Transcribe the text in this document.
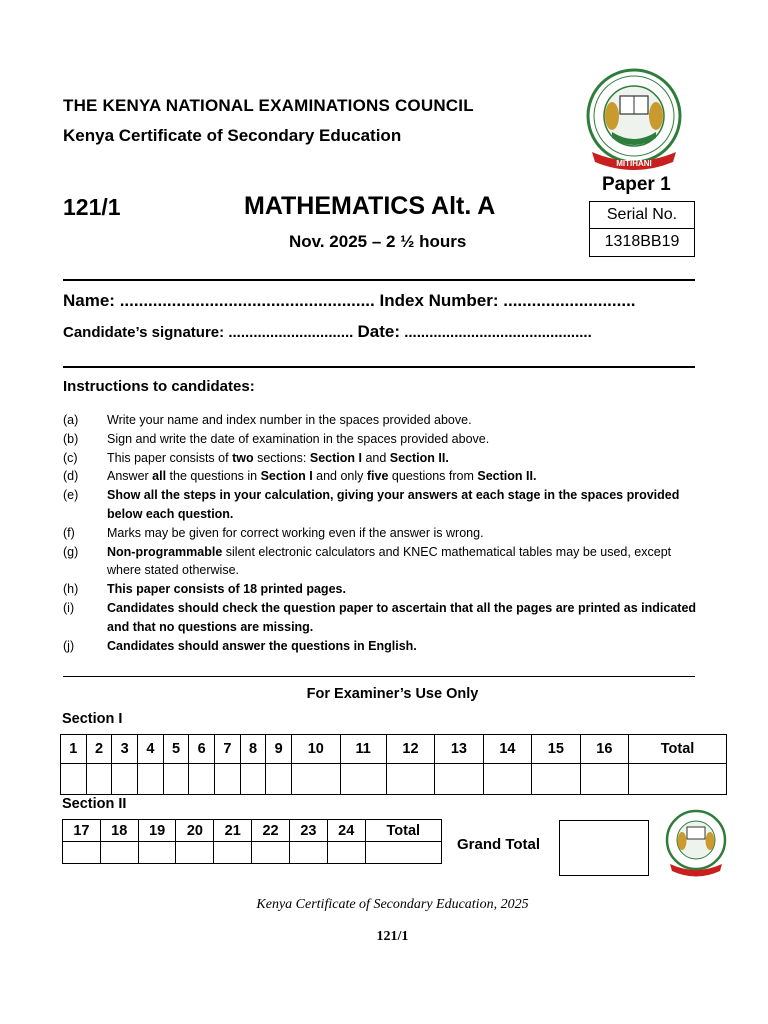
THE KENYA NATIONAL EXAMINATIONS COUNCIL
Kenya Certificate of Secondary Education
MITIHANI
Paper 1
Serial No.
1318BB19
121/1	MATHEMATICS Alt. A
Nov. 2025 – 2 ½ hours
Name: ...................................................... Index Number: ............................
Candidate’s signature: .............................. Date: .............................................
Instructions to candidates:
(a)	Write your name and index number in the spaces provided above.
(b)	Sign and write the date of examination in the spaces provided above.
(c)	This paper consists of two sections: Section I and Section II.
(d)	Answer all the questions in Section I and only five questions from Section II.
(e)	Show all the steps in your calculation, giving your answers at each stage in the spaces provided below each question.
(f)	Marks may be given for correct working even if the answer is wrong.
(g)	Non-programmable silent electronic calculators and KNEC mathematical tables may be used, except where stated otherwise.
(h)	This paper consists of 18 printed pages.
(i)	Candidates should check the question paper to ascertain that all the pages are printed as indicated and that no questions are missing.
(j)	Candidates should answer the questions in English.
For Examiner’s Use Only
Section I
1	2	3	4	5	6	7	8	9	10	11	12	13	14	15	16	Total

Section II
17	18	19	20	21	22	23	24	Total

Grand Total
Kenya Certificate of Secondary Education, 2025
121/1
